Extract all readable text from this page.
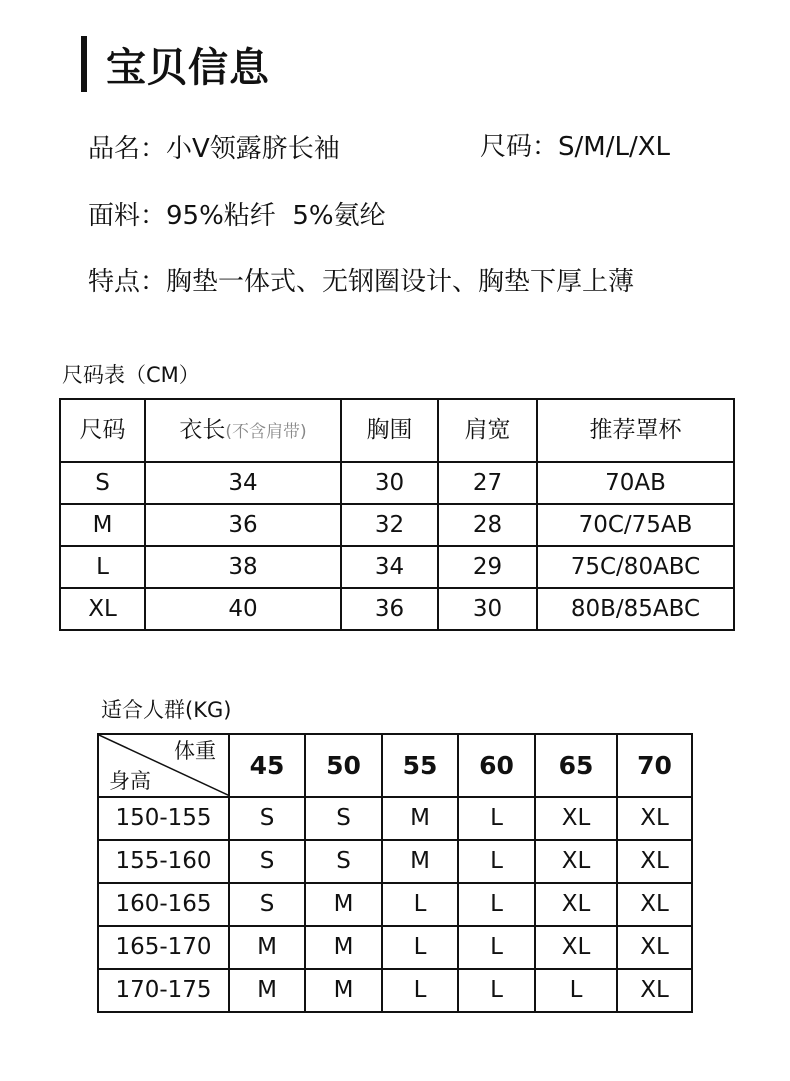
宝贝信息
品名：小V领露脐长袖	尺码：S/M/L/XL
面料：95%粘纤  5%氨纶
特点：胸垫一体式、无钢圈设计、胸垫下厚上薄
尺码表（CM）
尺码	衣长(不含肩带)	胸围	肩宽	推荐罩杯
S	34	30	27	70AB
M	36	32	28	70C/75AB
L	38	34	29	75C/80ABC
XL	40	36	30	80B/85ABC
适合人群(KG)
体重
身高	45	50	55	60	65	70
150-155	S	S	M	L	XL	XL
155-160	S	S	M	L	XL	XL
160-165	S	M	L	L	XL	XL
165-170	M	M	L	L	XL	XL
170-175	M	M	L	L	L	XL
